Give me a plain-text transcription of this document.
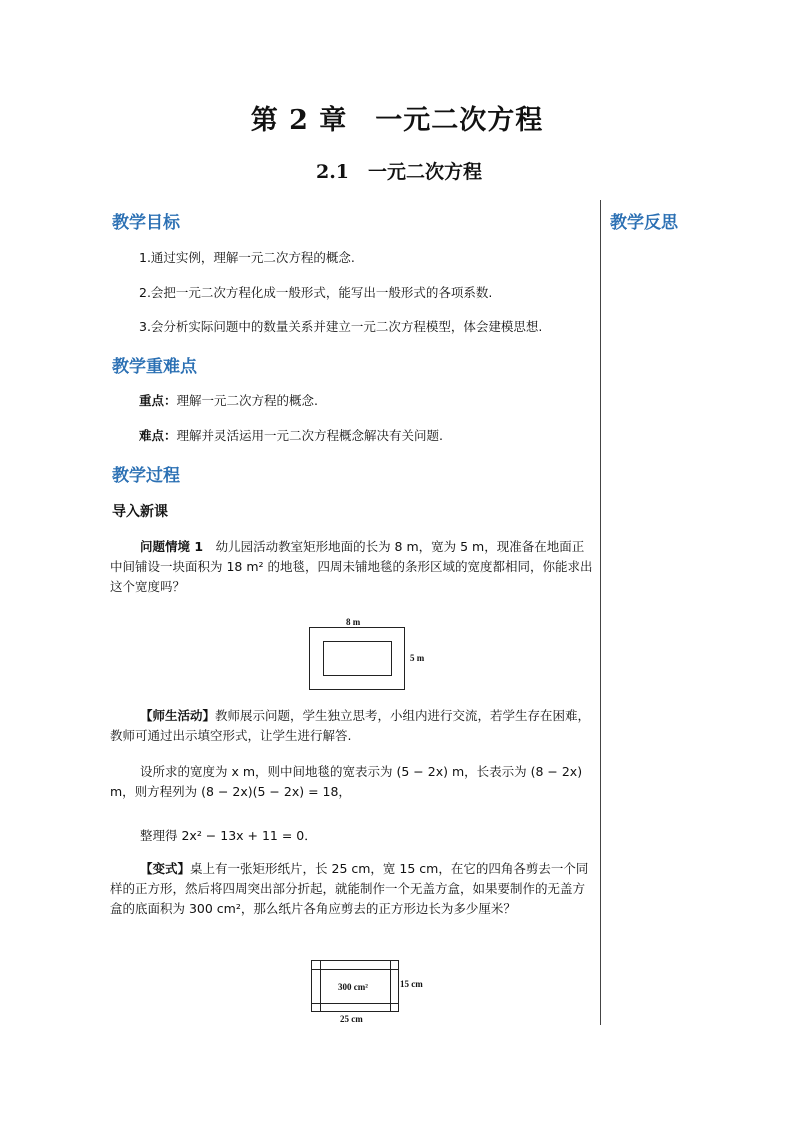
第 2 章　一元二次方程
2.1　一元二次方程
教学反思
教学目标
1.通过实例，理解一元二次方程的概念.
2.会把一元二次方程化成一般形式，能写出一般形式的各项系数.
3.会分析实际问题中的数量关系并建立一元二次方程模型，体会建模思想.
教学重难点
重点：理解一元二次方程的概念.
难点：理解并灵活运用一元二次方程概念解决有关问题.
教学过程
导入新课
问题情境 1　 幼儿园活动教室矩形地面的长为 8 m，宽为 5 m，现准备在地面正中间铺设一块面积为 18 m² 的地毯，四周未铺地毯的条形区域的宽度都相同，你能求出这个宽度吗？
8 m
5 m
【师生活动】教师展示问题，学生独立思考，小组内进行交流，若学生存在困难，教师可通过出示填空形式，让学生进行解答.
设所求的宽度为 x m，则中间地毯的宽表示为 (5 − 2x) m，长表示为 (8 − 2x) m，则方程列为 (8 − 2x)(5 − 2x) = 18，
整理得 2x² − 13x + 11 = 0．
【变式】桌上有一张矩形纸片，长 25 cm，宽 15 cm，在它的四角各剪去一个同样的正方形，然后将四周突出部分折起，就能制作一个无盖方盒，如果要制作的无盖方盒的底面积为 300 cm²，那么纸片各角应剪去的正方形边长为多少厘米？
300 cm²	15 cm
25 cm
